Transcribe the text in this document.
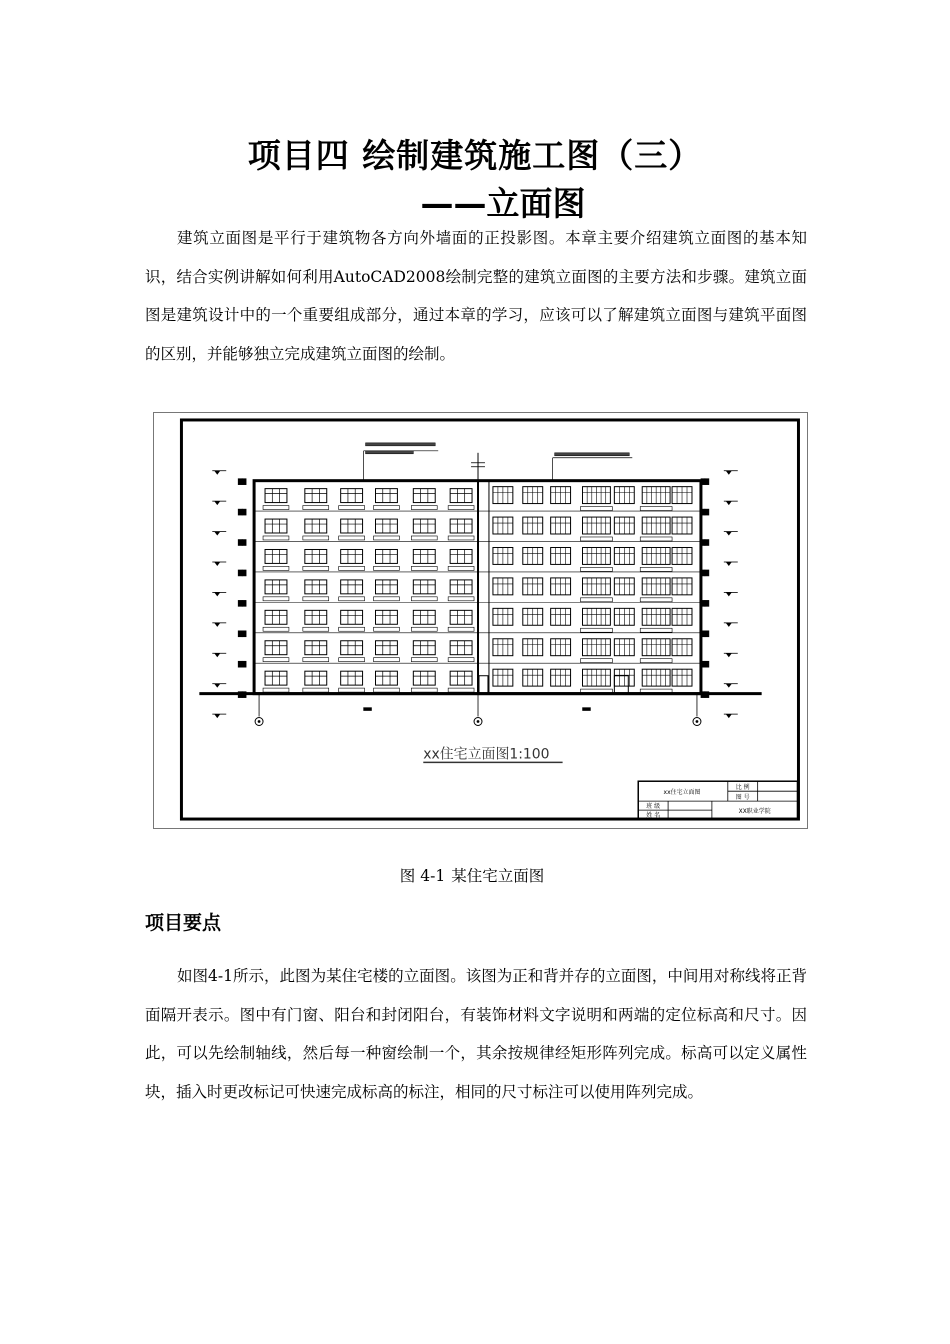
项目四 绘制建筑施工图（三）
——立面图

建筑立面图是平行于建筑物各方向外墙面的正投影图。本章主要介绍建筑立面图的基本知识，结合实例讲解如何利用AutoCAD2008绘制完整的建筑立面图的主要方法和步骤。建筑立面图是建筑设计中的一个重要组成部分，通过本章的学习，应该可以了解建筑立面图与建筑平面图的区别，并能够独立完成建筑立面图的绘制。

xx住宅立面图1:100
xx住宅立面图
比 例
图 号
班 级
姓 名
XX职业学院
图 4-1 某住宅立面图
项目要点

如图4-1所示，此图为某住宅楼的立面图。该图为正和背并存的立面图，中间用对称线将正背面隔开表示。图中有门窗、阳台和封闭阳台，有装饰材料文字说明和两端的定位标高和尺寸。因此，可以先绘制轴线，然后每一种窗绘制一个，其余按规律经矩形阵列完成。标高可以定义属性块，插入时更改标记可快速完成标高的标注，相同的尺寸标注可以使用阵列完成。
